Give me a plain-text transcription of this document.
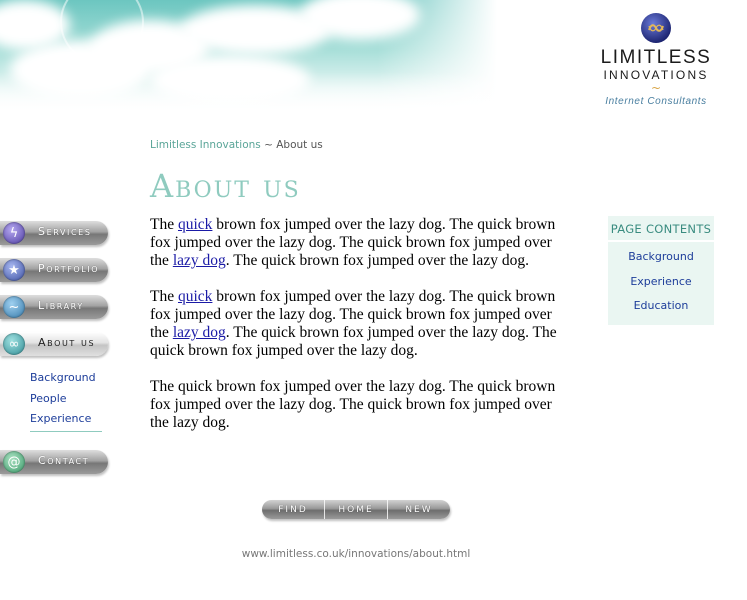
LIMITLESS
INNOVATIONS
~
Internet Consultants
Limitless Innovations ~ About us
About us
ϟ	Services
★	Portfolio
~	Library
∞	About us
Background
People
Experience
@	Contact

The quick brown fox jumped over the lazy dog. The quick brown fox jumped over the lazy dog. The quick brown fox jumped over the lazy dog. The quick brown fox jumped over the lazy dog.

The quick brown fox jumped over the lazy dog. The quick brown fox jumped over the lazy dog. The quick brown fox jumped over the lazy dog. The quick brown fox jumped over the lazy dog. The quick brown fox jumped over the lazy dog.

The quick brown fox jumped over the lazy dog. The quick brown fox jumped over the lazy dog. The quick brown fox jumped over the lazy dog.

PAGE CONTENTS
Background
Experience
Education
FIND	HOME	NEW
www.limitless.co.uk/innovations/about.html
